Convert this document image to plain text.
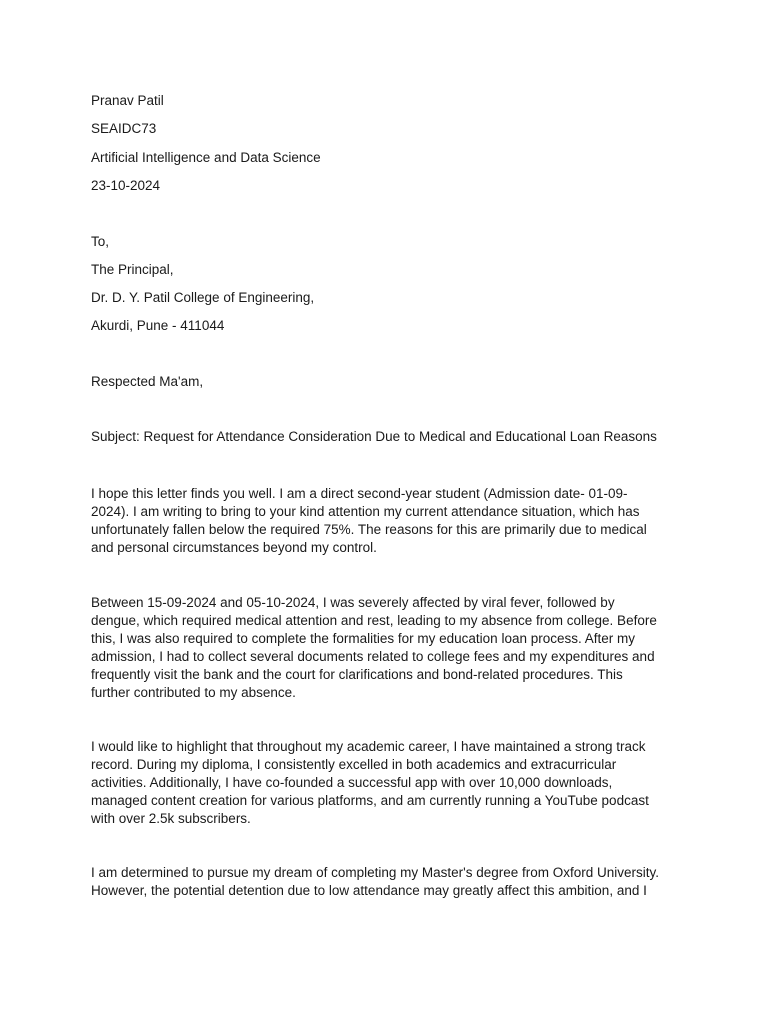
Pranav Patil
SEAIDC73
Artificial Intelligence and Data Science
23-10-2024
To,
The Principal,
Dr. D. Y. Patil College of Engineering,
Akurdi, Pune - 411044
Respected Ma'am,
Subject: Request for Attendance Consideration Due to Medical and Educational Loan Reasons
I hope this letter finds you well. I am a direct second-year student (Admission date- 01-09-
2024). I am writing to bring to your kind attention my current attendance situation, which has
unfortunately fallen below the required 75%. The reasons for this are primarily due to medical
and personal circumstances beyond my control.
Between 15-09-2024 and 05-10-2024, I was severely affected by viral fever, followed by
dengue, which required medical attention and rest, leading to my absence from college. Before
this, I was also required to complete the formalities for my education loan process. After my
admission, I had to collect several documents related to college fees and my expenditures and
frequently visit the bank and the court for clarifications and bond-related procedures. This
further contributed to my absence.
I would like to highlight that throughout my academic career, I have maintained a strong track
record. During my diploma, I consistently excelled in both academics and extracurricular
activities. Additionally, I have co-founded a successful app with over 10,000 downloads,
managed content creation for various platforms, and am currently running a YouTube podcast
with over 2.5k subscribers.
I am determined to pursue my dream of completing my Master's degree from Oxford University.
However, the potential detention due to low attendance may greatly affect this ambition, and I
